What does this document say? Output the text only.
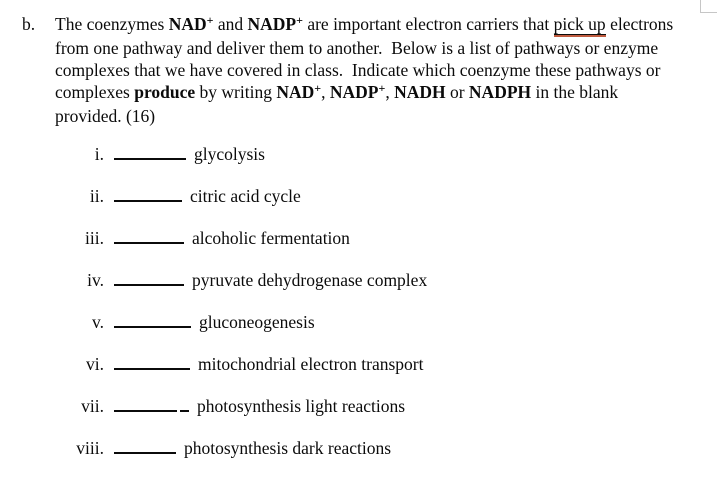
b. The coenzymes NAD+ and NADP+ are important electron carriers that pick up electrons
from one pathway and deliver them to another.  Below is a list of pathways or enzyme
complexes that we have covered in class.  Indicate which coenzyme these pathways or
complexes produce by writing NAD+, NADP+, NADH or NADPH in the blank
provided. (16)
i.	glycolysis
ii.	citric acid cycle
iii.	alcoholic fermentation
iv.	pyruvate dehydrogenase complex
v.	gluconeogenesis
vi.	mitochondrial electron transport
vii.	photosynthesis light reactions
viii.	photosynthesis dark reactions
